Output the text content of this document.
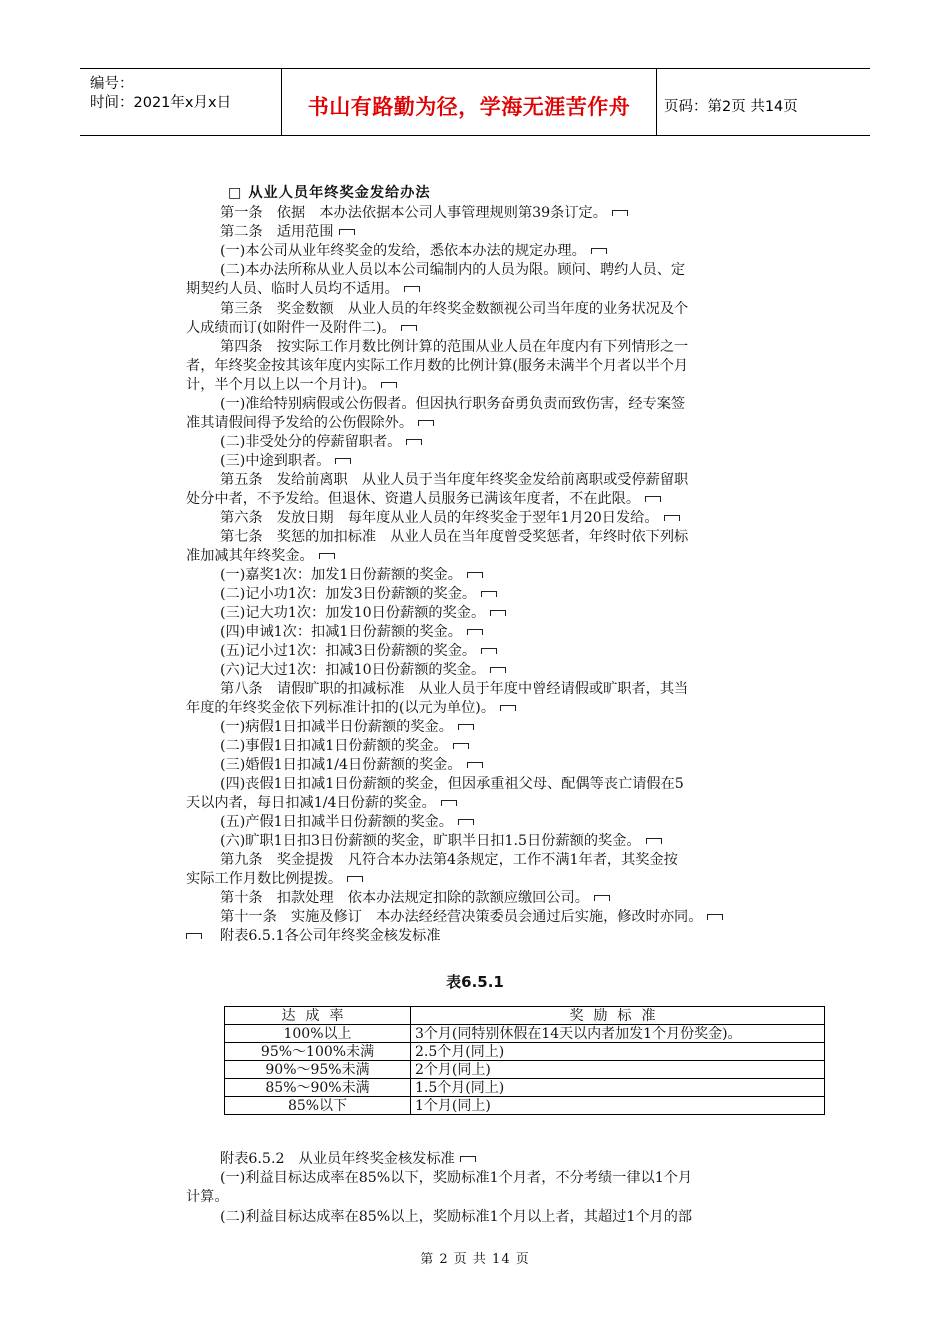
编号：
时间：2021年x月x日	书山有路勤为径，学海无涯苦作舟	页码：第2页 共14页
□ 从业人员年终奖金发给办法
第一条　依据　本办法依据本公司人事管理规则第39条订定。
第二条　适用范围
(一)本公司从业年终奖金的发给，悉依本办法的规定办理。
(二)本办法所称从业人员以本公司编制内的人员为限。顾问、聘约人员、定
期契约人员、临时人员均不适用。
第三条　奖金数额　从业人员的年终奖金数额视公司当年度的业务状况及个
人成绩而订(如附件一及附件二)。
第四条　按实际工作月数比例计算的范围从业人员在年度内有下列情形之一
者，年终奖金按其该年度内实际工作月数的比例计算(服务未满半个月者以半个月
计，半个月以上以一个月计)。
(一)准给特别病假或公伤假者。但因执行职务奋勇负责而致伤害，经专案签
准其请假间得予发给的公伤假除外。
(二)非受处分的停薪留职者。
(三)中途到职者。
第五条　发给前离职　从业人员于当年度年终奖金发给前离职或受停薪留职
处分中者，不予发给。但退休、资遣人员服务已满该年度者，不在此限。
第六条　发放日期　每年度从业人员的年终奖金于翌年1月20日发给。
第七条　奖惩的加扣标准　从业人员在当年度曾受奖惩者，年终时依下列标
准加减其年终奖金。
(一)嘉奖1次：加发1日份薪额的奖金。
(二)记小功1次：加发3日份薪额的奖金。
(三)记大功1次：加发10日份薪额的奖金。
(四)申诫1次：扣减1日份薪额的奖金。
(五)记小过1次：扣减3日份薪额的奖金。
(六)记大过1次：扣减10日份薪额的奖金。
第八条　请假旷职的扣减标准　从业人员于年度中曾经请假或旷职者，其当
年度的年终奖金依下列标准计扣的(以元为单位)。
(一)病假1日扣减半日份薪额的奖金。
(二)事假1日扣减1日份薪额的奖金。
(三)婚假1日扣减1/4日份薪额的奖金。
(四)丧假1日扣减1日份薪额的奖金，但因承重祖父母、配偶等丧亡请假在5
天以内者，每日扣减1/4日份薪的奖金。
(五)产假1日扣减半日份薪额的奖金。
(六)旷职1日扣3日份薪额的奖金，旷职半日扣1.5日份薪额的奖金。
第九条　奖金提拨　凡符合本办法第4条规定，工作不满1年者，其奖金按
实际工作月数比例提拨。
第十条　扣款处理　依本办法规定扣除的款额应缴回公司。
第十一条　实施及修订　本办法经经营决策委员会通过后实施，修改时亦同。
附表6.5.1各公司年终奖金核发标准
表6.5.1
达成率	奖励标准
100%以上	3个月(同特别休假在14天以内者加发1个月份奖金)。
95%～100%未满	2.5个月(同上)
90%～95%未满	2个月(同上)
85%～90%未满	1.5个月(同上)
85%以下	1个月(同上)
附表6.5.2　从业员年终奖金核发标准
(一)利益目标达成率在85%以下，奖励标准1个月者，不分考绩一律以1个月
计算。
(二)利益目标达成率在85%以上，奖励标准1个月以上者，其超过1个月的部
第 2 页 共 14 页
